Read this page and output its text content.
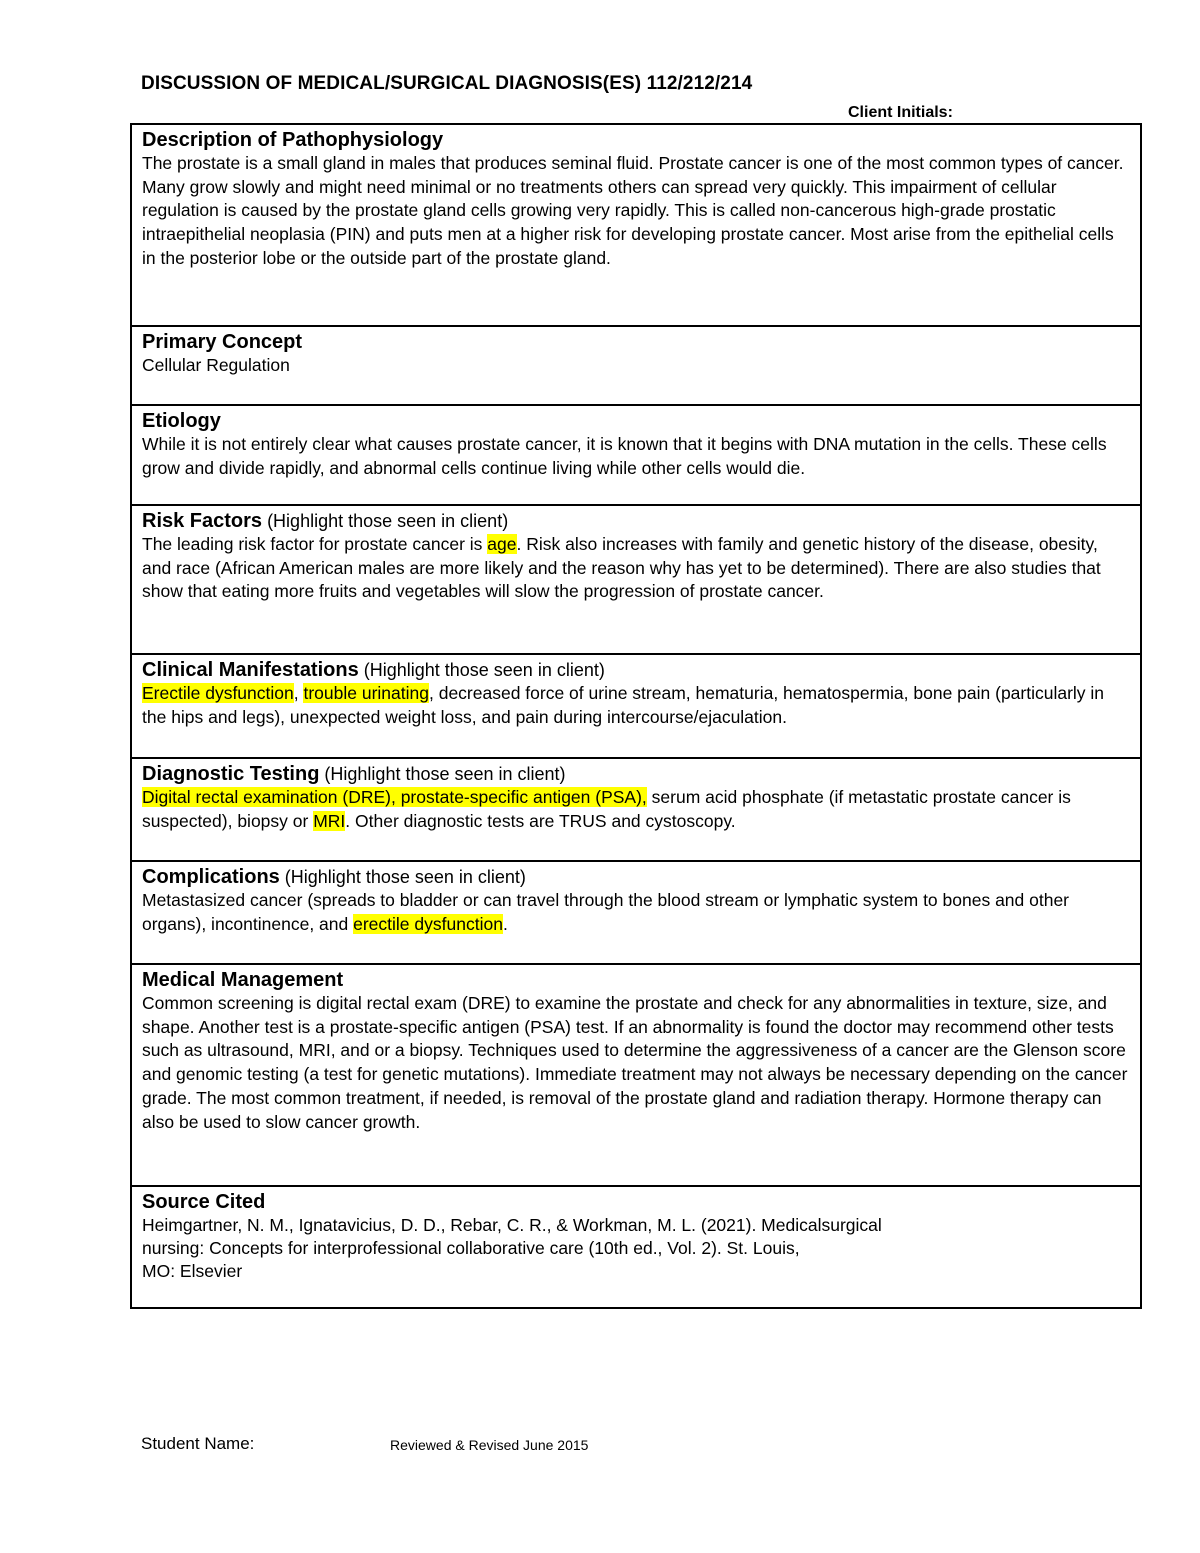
DISCUSSION OF MEDICAL/SURGICAL DIAGNOSIS(ES) 112/212/214
Client Initials:
Description of Pathophysiology
The prostate is a small gland in males that produces seminal fluid. Prostate cancer is one of the most common types of cancer. Many grow slowly and might need minimal or no treatments others can spread very quickly. This impairment of cellular regulation is caused by the prostate gland cells growing very rapidly. This is called non-cancerous high-grade prostatic intraepithelial neoplasia (PIN) and puts men at a higher risk for developing prostate cancer. Most arise from the epithelial cells in the posterior lobe or the outside part of the prostate gland.
Primary Concept
Cellular Regulation
Etiology
While it is not entirely clear what causes prostate cancer, it is known that it begins with DNA mutation in the cells. These cells grow and divide rapidly, and abnormal cells continue living while other cells would die.
Risk Factors (Highlight those seen in client)
The leading risk factor for prostate cancer is age. Risk also increases with family and genetic history of the disease, obesity, and race (African American males are more likely and the reason why has yet to be determined). There are also studies that show that eating more fruits and vegetables will slow the progression of prostate cancer.
Clinical Manifestations (Highlight those seen in client)
Erectile dysfunction, trouble urinating, decreased force of urine stream, hematuria, hematospermia, bone pain (particularly in the hips and legs), unexpected weight loss, and pain during intercourse/ejaculation.
Diagnostic Testing (Highlight those seen in client)
Digital rectal examination (DRE), prostate-specific antigen (PSA), serum acid phosphate (if metastatic prostate cancer is suspected), biopsy or MRI. Other diagnostic tests are TRUS and cystoscopy.
Complications (Highlight those seen in client)
Metastasized cancer (spreads to bladder or can travel through the blood stream or lymphatic system to bones and other organs), incontinence, and erectile dysfunction.
Medical Management
Common screening is digital rectal exam (DRE) to examine the prostate and check for any abnormalities in texture, size, and shape. Another test is a prostate-specific antigen (PSA) test. If an abnormality is found the doctor may recommend other tests such as ultrasound, MRI, and or a biopsy. Techniques used to determine the aggressiveness of a cancer are the Glenson score and genomic testing (a test for genetic mutations). Immediate treatment may not always be necessary depending on the cancer grade. The most common treatment, if needed, is removal of the prostate gland and radiation therapy. Hormone therapy can also be used to slow cancer growth.
Source Cited
Heimgartner, N. M., Ignatavicius, D. D., Rebar, C. R., & Workman, M. L. (2021). Medicalsurgical
nursing: Concepts for interprofessional collaborative care (10th ed., Vol. 2). St. Louis,
MO: Elsevier
Student Name:	Reviewed & Revised June 2015
